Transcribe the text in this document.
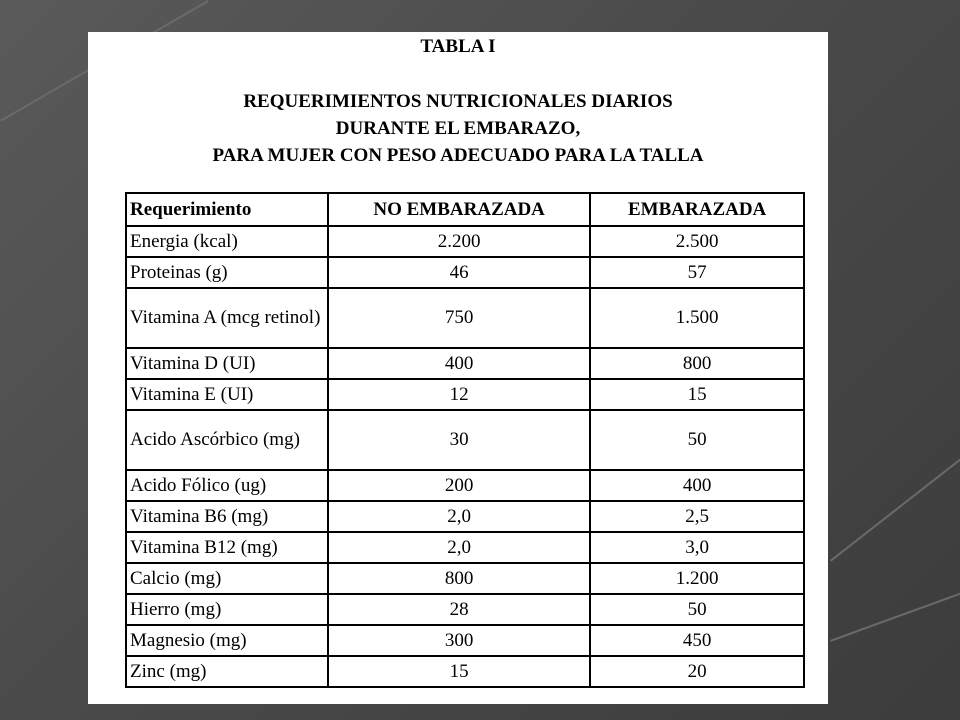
TABLA I
REQUERIMIENTOS NUTRICIONALES DIARIOS
DURANTE EL EMBARAZO,
PARA MUJER CON PESO ADECUADO PARA LA TALLA
Requerimiento	NO EMBARAZADA	EMBARAZADA
Energia (kcal)	2.200	2.500
Proteinas (g)	46	57
Vitamina A (mcg retinol)	750	1.500
Vitamina D (UI)	400	800
Vitamina E (UI)	12	15
Acido Ascórbico (mg)	30	50
Acido Fólico (ug)	200	400
Vitamina B6 (mg)	2,0	2,5
Vitamina B12 (mg)	2,0	3,0
Calcio (mg)	800	1.200
Hierro (mg)	28	50
Magnesio (mg)	300	450
Zinc (mg)	15	20
